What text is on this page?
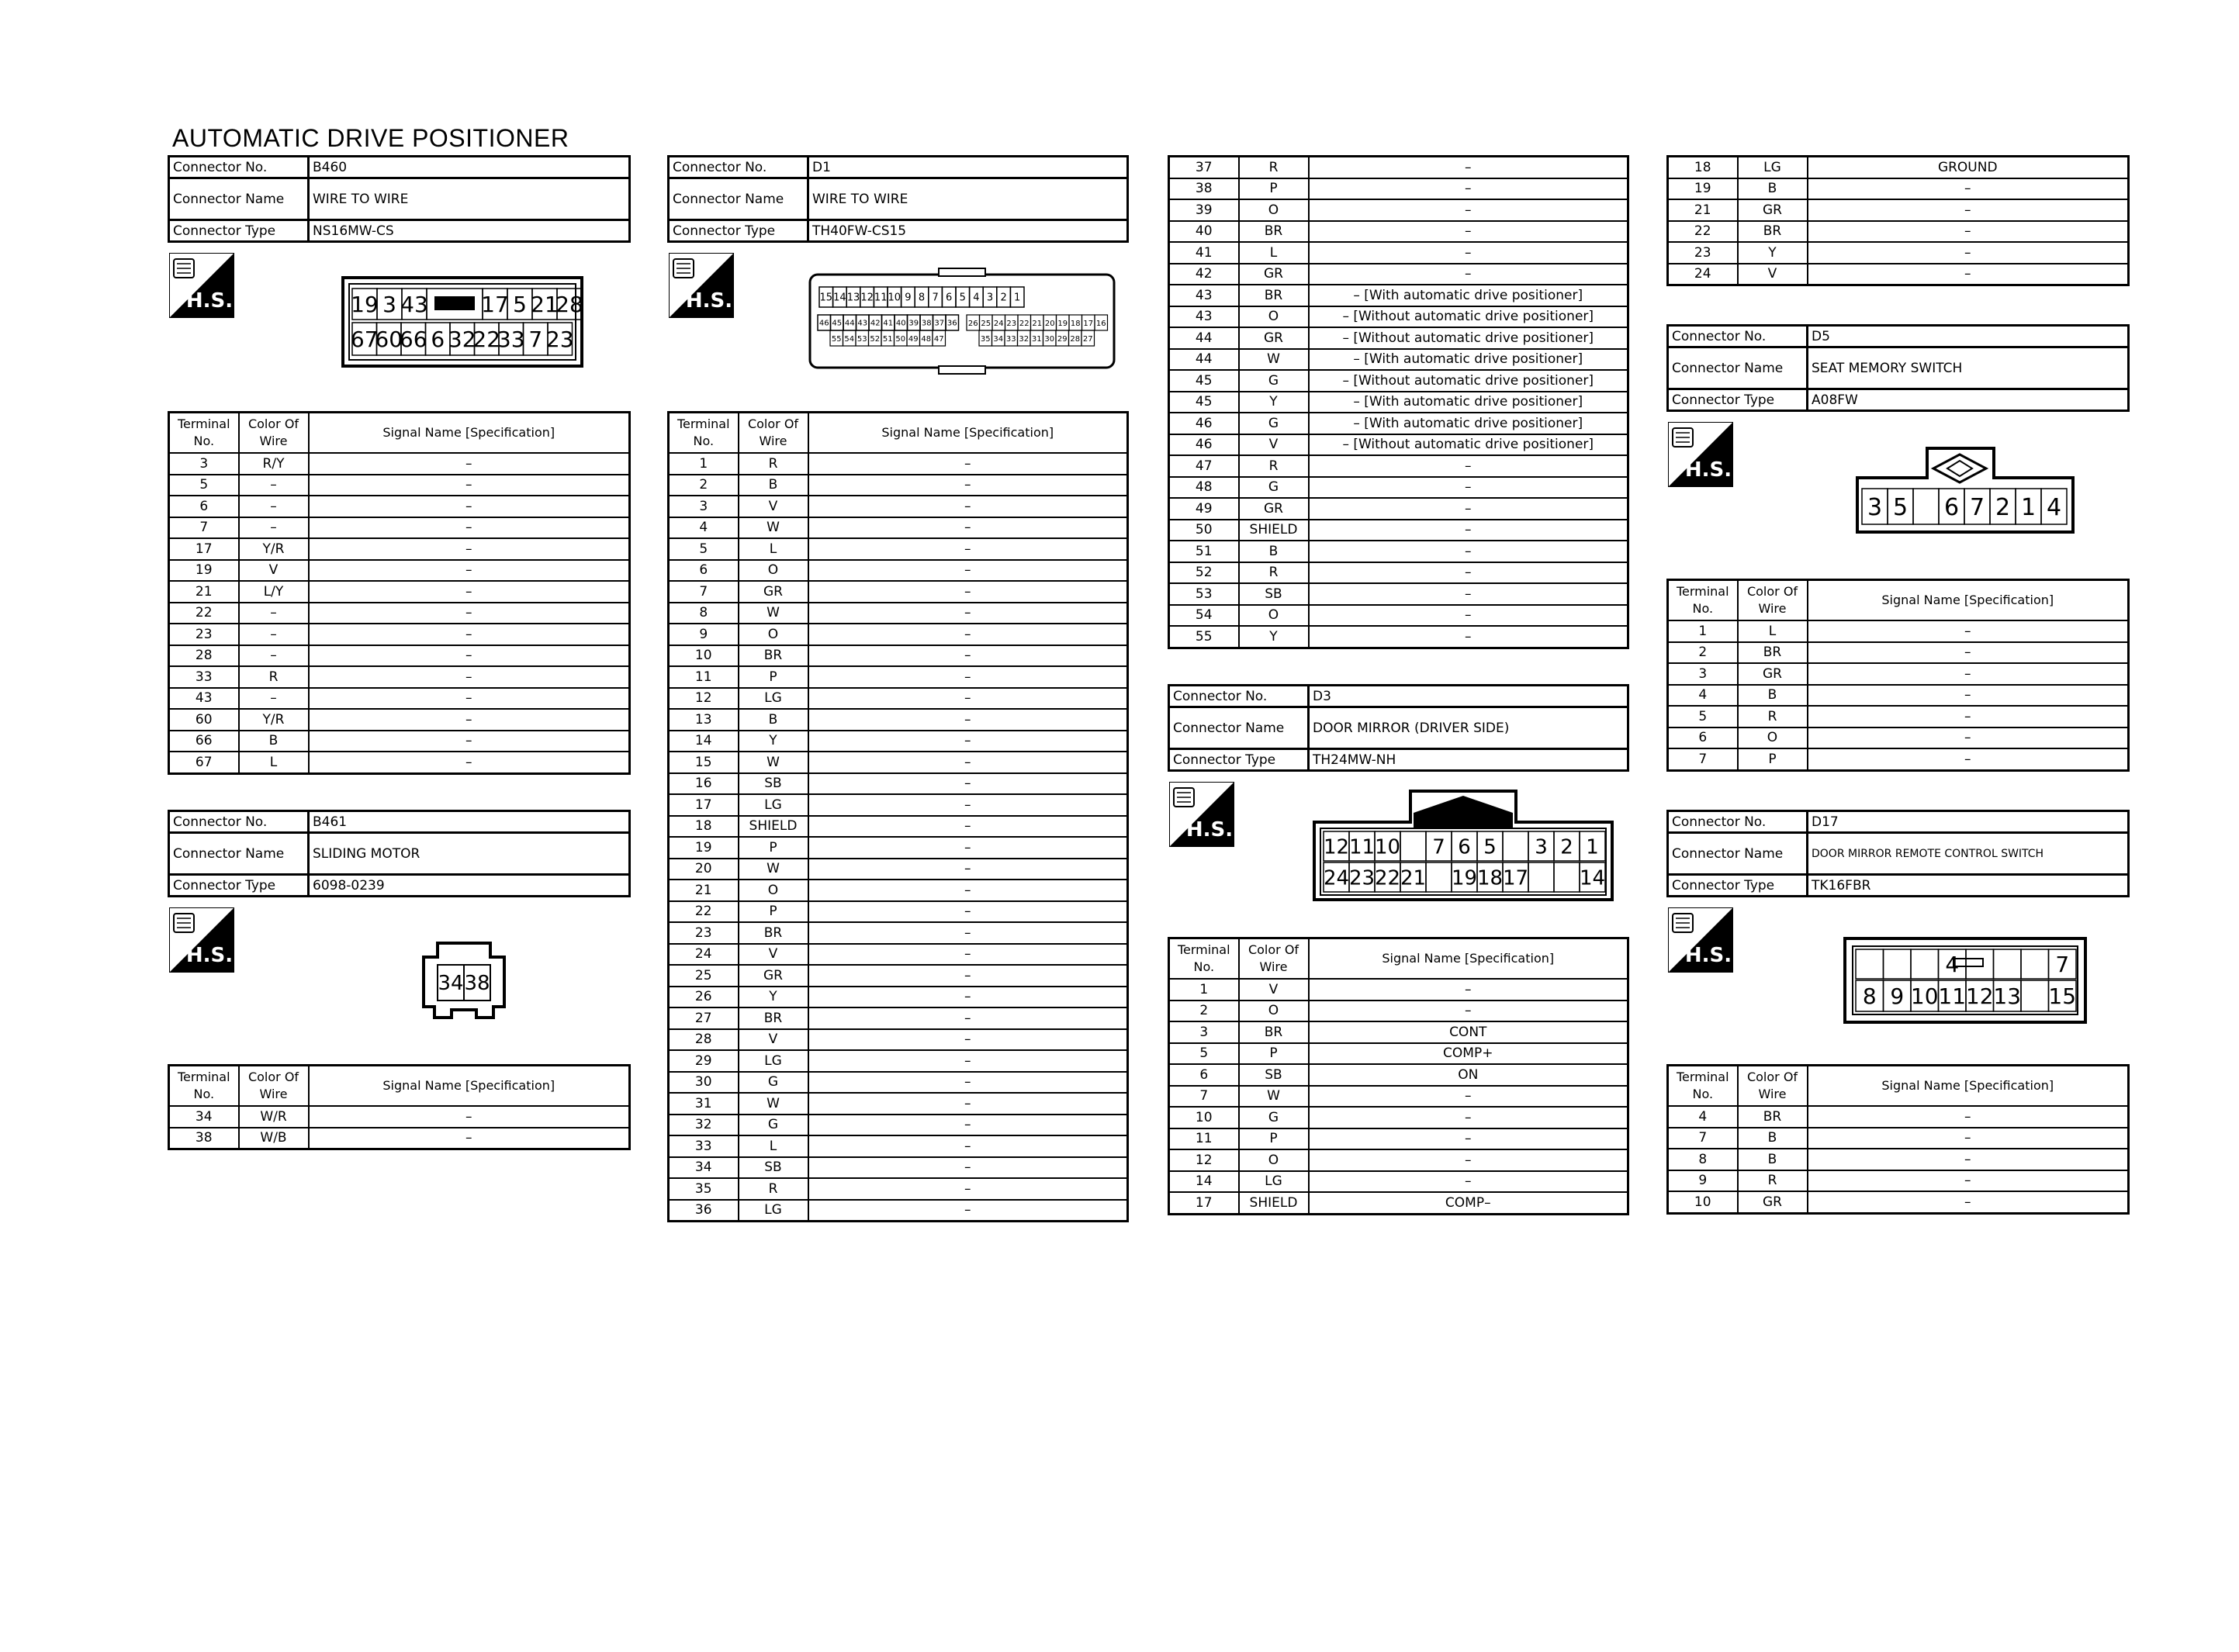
AUTOMATIC DRIVE POSITIONER
Connector No.	B460
Connector Name	WIRE TO WIRE
Connector Type	NS16MW-CS
H.S.	19 3 43 17 5 21
28
67
60
66 6 32
22
33 7 23
Terminal No.	Color Of Wire	Signal Name [Specification]
3	R/Y	–
5	–	–
6	–	–
7	–	–
17	Y/R	–
19	V	–
21	L/Y	–
22	–	–
23	–	–
28	–	–
33	R	–
43	–	–
60	Y/R	–
66	B	–
67	L	–
Connector No.	B461
Connector Name	SLIDING MOTOR
Connector Type	6098-0239
H.S.
34 38
Terminal No.	Color Of Wire	Signal Name [Specification]
34	W/R	–
38	W/B	–
Connector No.	D1
Connector Name	WIRE TO WIRE
Connector Type	TH40FW-CS15
H.S.	15 14 13 12 11 10 9 8 7 6 5 4 3 2 1
46 45 44 43 42 41 40 39 38 37 36 26 25 24 23 22 21 20 19 18 17 16
55 54 53 52 51 50 49 48 47	35 34 33 32 31 30 29 28 27
Terminal No.	Color Of Wire	Signal Name [Specification]
1	R	–
2	B	–
3	V	–
4	W	–
5	L	–
6	O	–
7	GR	–
8	W	–
9	O	–
10	BR	–
11	P	–
12	LG	–
13	B	–
14	Y	–
15	W	–
16	SB	–
17	LG	–
18	SHIELD	–
19	P	–
20	W	–
21	O	–
22	P	–
23	BR	–
24	V	–
25	GR	–
26	Y	–
27	BR	–
28	V	–
29	LG	–
30	G	–
31	W	–
32	G	–
33	L	–
34	SB	–
35	R	–
36	LG	–
37	R	–
38	P	–
39	O	–
40	BR	–
41	L	–
42	GR	–
43	BR	– [With automatic drive positioner]
43	O	– [Without automatic drive positioner]
44	GR	– [Without automatic drive positioner]
44	W	– [With automatic drive positioner]
45	G	– [Without automatic drive positioner]
45	Y	– [With automatic drive positioner]
46	G	– [With automatic drive positioner]
46	V	– [Without automatic drive positioner]
47	R	–
48	G	–
49	GR	–
50	SHIELD	–
51	B	–
52	R	–
53	SB	–
54	O	–
55	Y	–
Connector No.	D3
Connector Name	DOOR MIRROR (DRIVER SIDE)
Connector Type	TH24MW-NH
H.S.
12 11 10 7 6 5 3 2 1
24 23 22 21 19 18 17	14
Terminal No.	Color Of Wire	Signal Name [Specification]
1	V	–
2	O	–
3	BR	CONT
5	P	COMP+
6	SB	ON
7	W	–
10	G	–
11	P	–
12	O	–
14	LG	–
17	SHIELD	COMP–
18	LG	GROUND
19	B	–
21	GR	–
22	BR	–
23	Y	–
24	V	–
Connector No.	D5
Connector Name	SEAT MEMORY SWITCH
Connector Type	A08FW
H.S.
3 5 6 7 2 1 4
Terminal No.	Color Of Wire	Signal Name [Specification]
1	L	–
2	BR	–
3	GR	–
4	B	–
5	R	–
6	O	–
7	P	–
Connector No.	D17
Connector Name	DOOR MIRROR REMOTE CONTROL SWITCH
Connector Type	TK16FBR
H.S.	4	7
8 9 10 11 12 13 15
Terminal No.	Color Of Wire	Signal Name [Specification]
4	BR	–
7	B	–
8	B	–
9	R	–
10	GR	–
